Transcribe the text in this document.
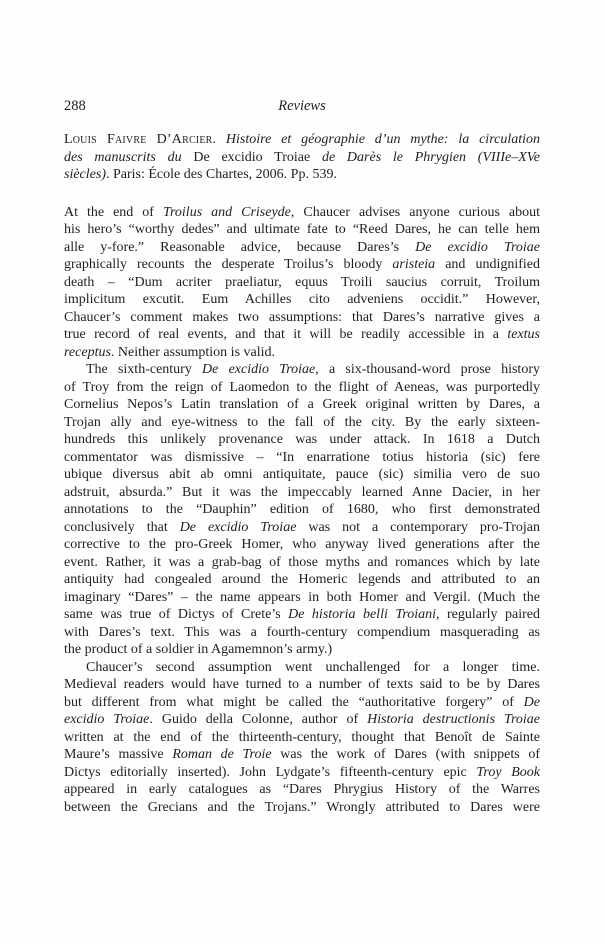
288	Reviews
Louis Faivre D’Arcier. Histoire et géographie d’un mythe: la circulation
des manuscrits du De excidio Troiae de Darès le Phrygien (VIIIe–XVe
siècles). Paris: École des Chartes, 2006. Pp. 539.
At the end of Troilus and Criseyde, Chaucer advises anyone curious about
his hero’s “worthy dedes” and ultimate fate to “Reed Dares, he can telle hem
alle y-fore.” Reasonable advice, because Dares’s De excidio Troiae
graphically recounts the desperate Troilus’s bloody aristeia and undignified
death – “Dum acriter praeliatur, equus Troili saucius corruit, Troilum
implicitum excutit. Eum Achilles cito adveniens occidit.” However,
Chaucer’s comment makes two assumptions: that Dares’s narrative gives a
true record of real events, and that it will be readily accessible in a textus
receptus. Neither assumption is valid.
The sixth-century De excidio Troiae, a six-thousand-word prose history
of Troy from the reign of Laomedon to the flight of Aeneas, was purportedly
Cornelius Nepos’s Latin translation of a Greek original written by Dares, a
Trojan ally and eye-witness to the fall of the city. By the early sixteen-
hundreds this unlikely provenance was under attack. In 1618 a Dutch
commentator was dismissive – “In enarratione totius historia (sic) fere
ubique diversus abit ab omni antiquitate, pauce (sic) similia vero de suo
adstruit, absurda.” But it was the impeccably learned Anne Dacier, in her
annotations to the “Dauphin” edition of 1680, who first demonstrated
conclusively that De excidio Troiae was not a contemporary pro-Trojan
corrective to the pro-Greek Homer, who anyway lived generations after the
event. Rather, it was a grab-bag of those myths and romances which by late
antiquity had congealed around the Homeric legends and attributed to an
imaginary “Dares” – the name appears in both Homer and Vergil. (Much the
same was true of Dictys of Crete’s De historia belli Troiani, regularly paired
with Dares’s text. This was a fourth-century compendium masquerading as
the product of a soldier in Agamemnon’s army.)
Chaucer’s second assumption went unchallenged for a longer time.
Medieval readers would have turned to a number of texts said to be by Dares
but different from what might be called the “authoritative forgery” of De
excidio Troiae. Guido della Colonne, author of Historia destructionis Troiae
written at the end of the thirteenth-century, thought that Benoît de Sainte
Maure’s massive Roman de Troie was the work of Dares (with snippets of
Dictys editorially inserted). John Lydgate’s fifteenth-century epic Troy Book
appeared in early catalogues as “Dares Phrygius History of the Warres
between the Grecians and the Trojans.” Wrongly attributed to Dares were
